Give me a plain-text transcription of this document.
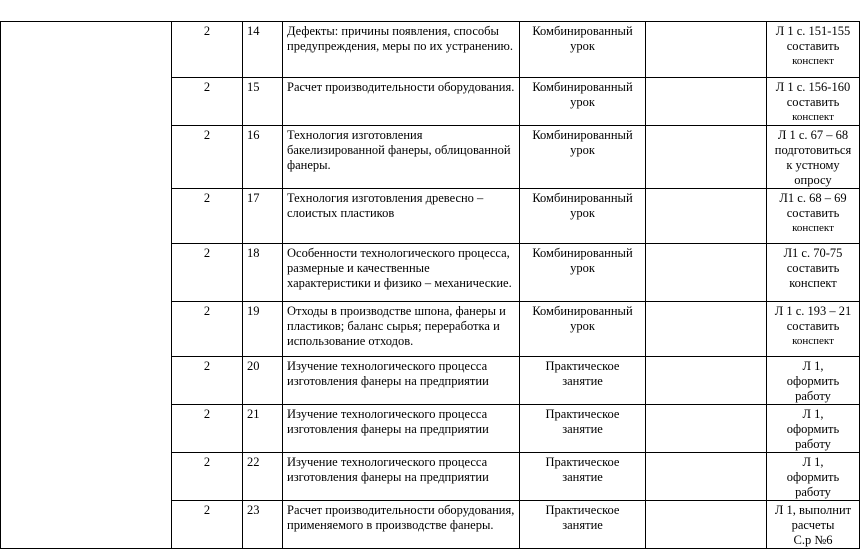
	2	14	Дефекты: причины появления, способы предупреждения, меры по их устранению.	Комбинированный урок		Л 1 с. 151-155
составить
конспект

	2	15	Расчет производительности оборудования.	Комбинированный урок		Л 1 с. 156-160
составить
конспект

	2	16	Технология изготовления бакелизированной фанеры, облицованной фанеры.	Комбинированный урок		Л 1 с. 67 – 68
подготовиться
к устному опросу

	2	17	Технология изготовления древесно – слоистых пластиков	Комбинированный урок		Л1 с. 68 – 69
составить
конспект

	2	18	Особенности технологического процесса, размерные и качественные характеристики и физико – механические.	Комбинированный урок		Л1 с. 70-75
составить
конспект

	2	19	Отходы в производстве шпона, фанеры и пластиков; баланс сырья; переработка и использование отходов.	Комбинированный урок		Л 1 с. 193 – 21
составить
конспект

	2	20	Изучение технологического процесса изготовления фанеры на предприятии	Практическое занятие		Л 1,
оформить
работу

	2	21	Изучение технологического процесса изготовления фанеры на предприятии	Практическое занятие		Л 1,
оформить
работу

	2	22	Изучение технологического процесса изготовления фанеры на предприятии	Практическое занятие		Л 1,
оформить
работу

	2	23	Расчет производительности оборудования, применяемого в производстве фанеры.	Практическое занятие		Л 1, выполнит
расчеты
С.р №6
